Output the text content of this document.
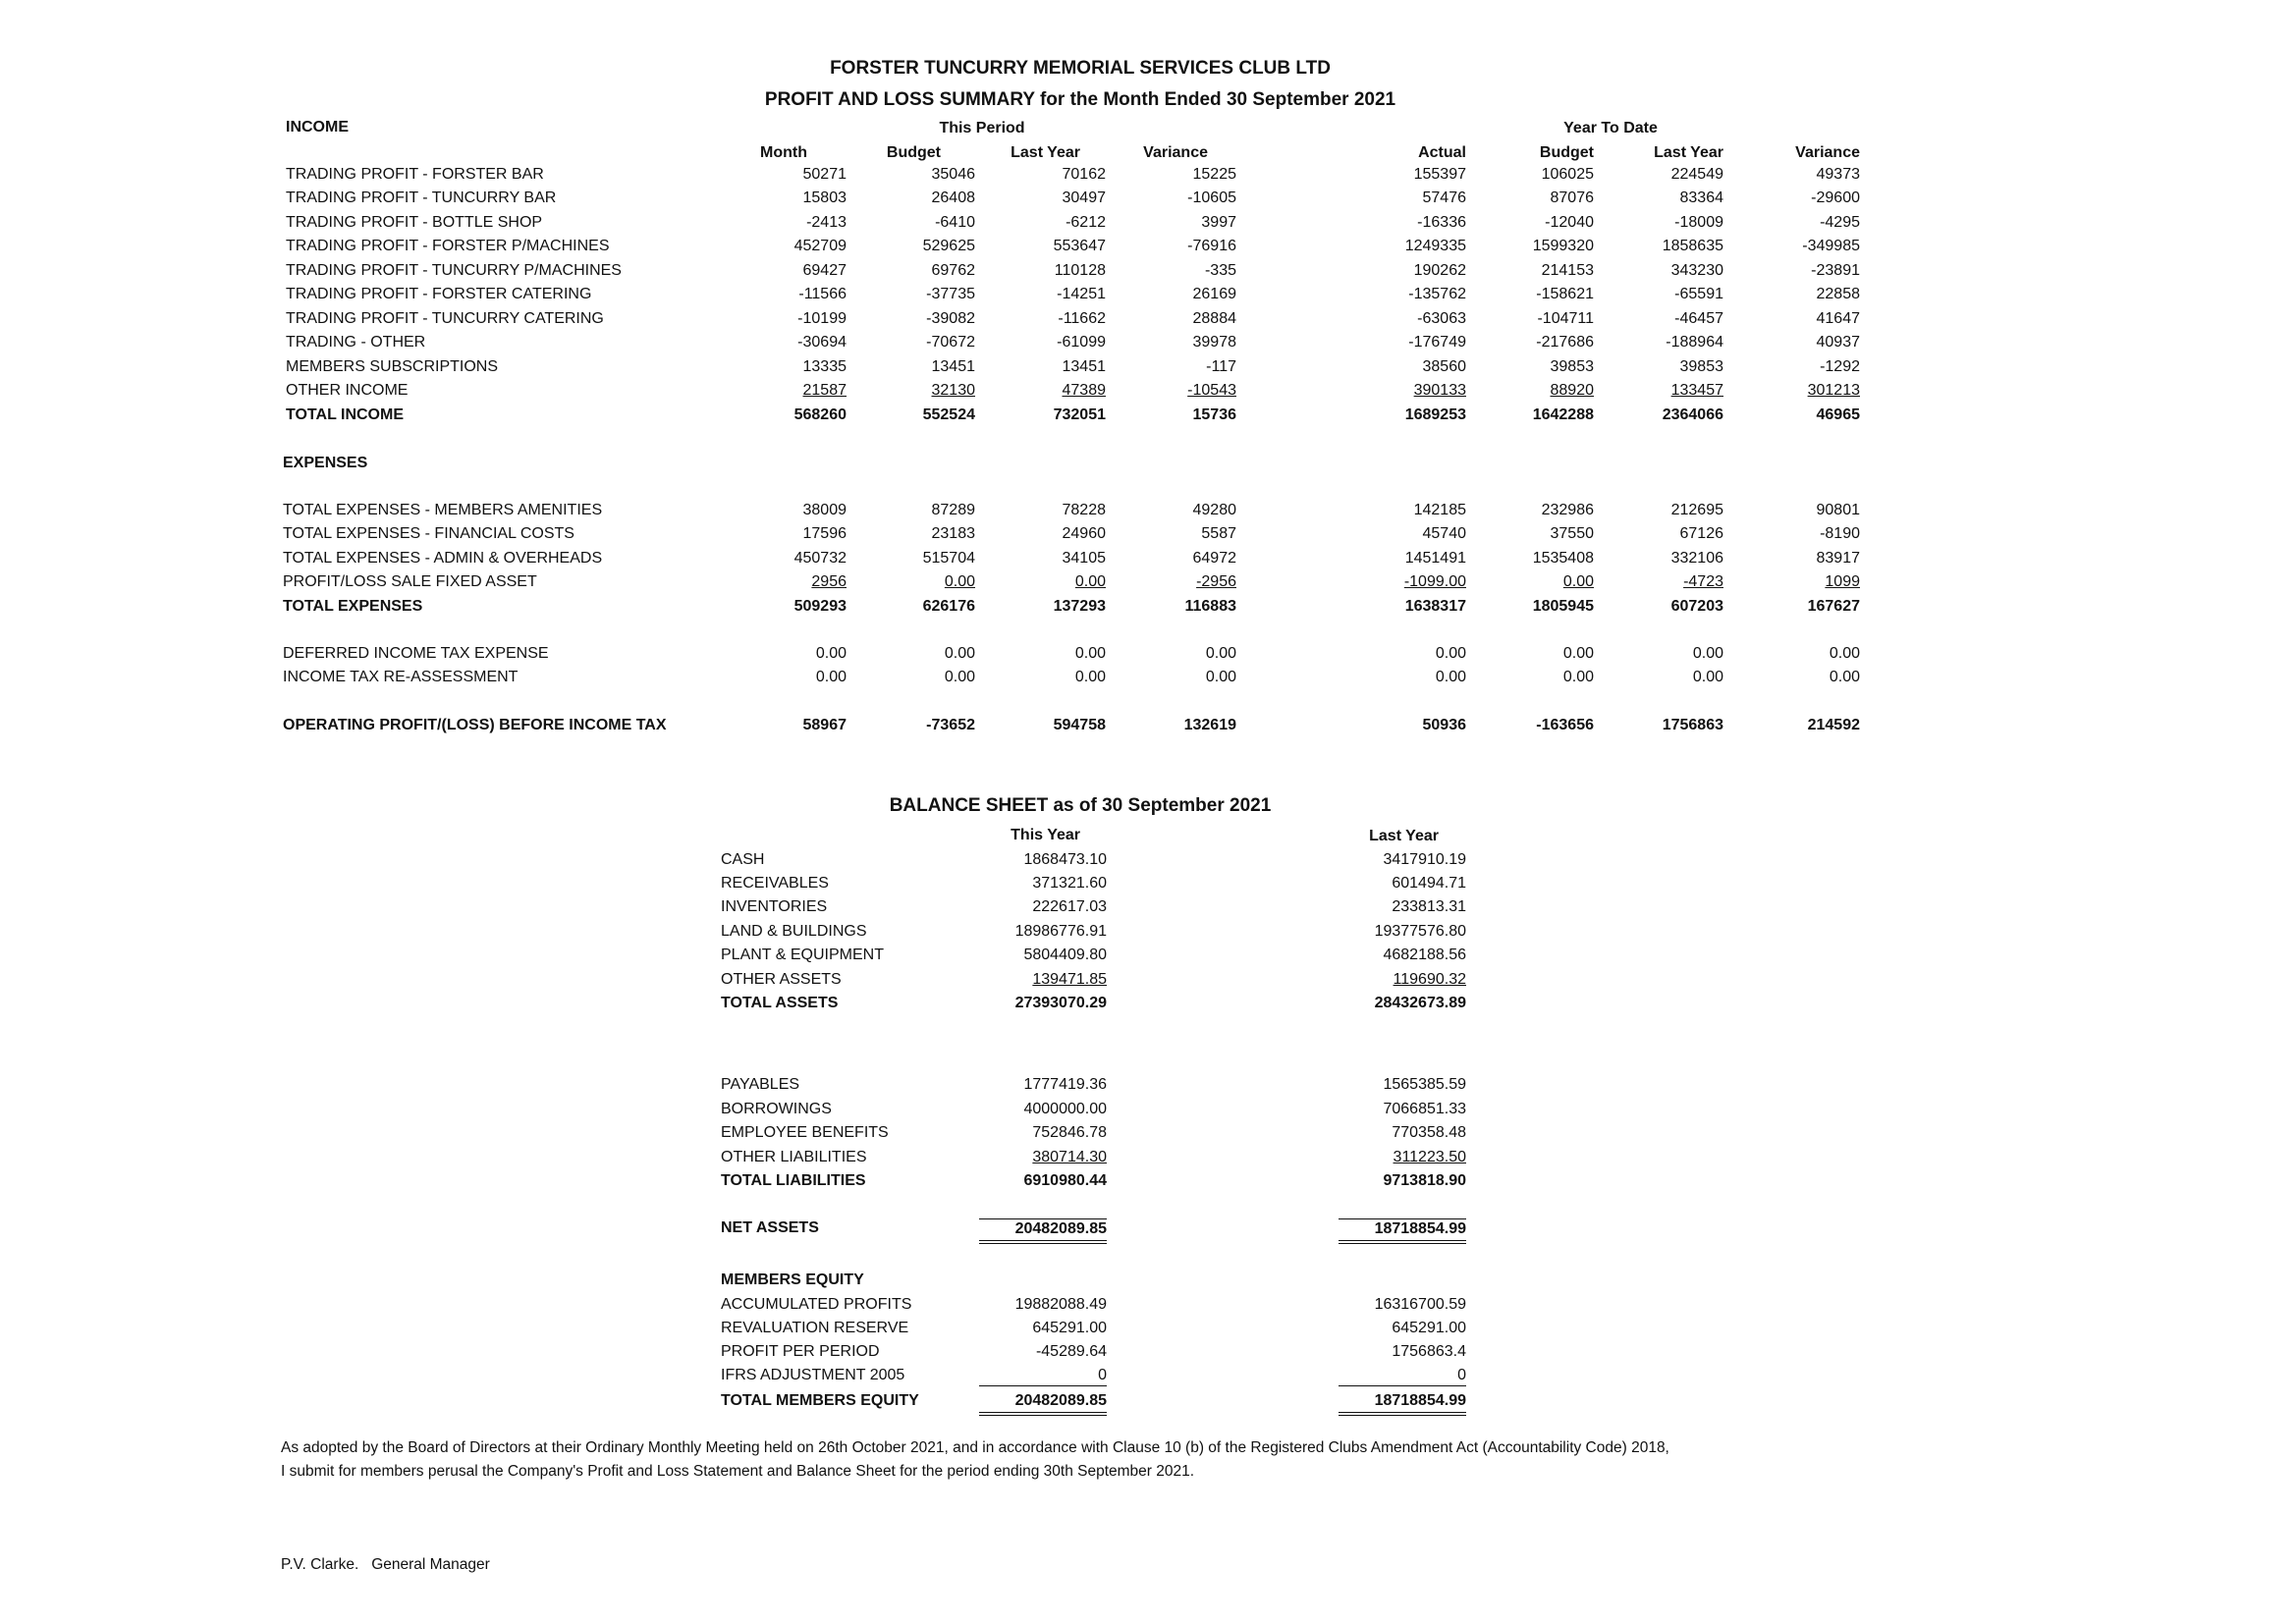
FORSTER TUNCURRY MEMORIAL SERVICES CLUB LTD
PROFIT AND LOSS SUMMARY for the Month Ended 30 September 2021
INCOME	This Period	Year To Date
Month	Budget	Last Year	Variance	Actual	Budget	Last Year	Variance
EXPENSES
TRADING PROFIT - FORSTER BAR	50271	35046	70162	15225	155397	106025	224549	49373
TRADING PROFIT - TUNCURRY BAR	15803	26408	30497	-10605	57476	87076	83364	-29600
TRADING PROFIT - BOTTLE SHOP	-2413	-6410	-6212	3997	-16336	-12040	-18009	-4295
TRADING PROFIT - FORSTER P/MACHINES	452709	529625	553647	-76916	1249335	1599320	1858635	-349985
TRADING PROFIT - TUNCURRY P/MACHINES	69427	69762	110128	-335	190262	214153	343230	-23891
TRADING PROFIT - FORSTER CATERING	-11566	-37735	-14251	26169	-135762	-158621	-65591	22858
TRADING PROFIT - TUNCURRY CATERING	-10199	-39082	-11662	28884	-63063	-104711	-46457	41647
TRADING - OTHER	-30694	-70672	-61099	39978	-176749	-217686	-188964	40937
MEMBERS SUBSCRIPTIONS	13335	13451	13451	-117	38560	39853	39853	-1292
OTHER INCOME	21587	32130	47389	-10543	390133	88920	133457	301213
TOTAL INCOME	568260	552524	732051	15736	1689253	1642288	2364066	46965
TOTAL EXPENSES - MEMBERS AMENITIES	38009	87289	78228	49280	142185	232986	212695	90801
TOTAL EXPENSES - FINANCIAL COSTS	17596	23183	24960	5587	45740	37550	67126	-8190
TOTAL EXPENSES - ADMIN & OVERHEADS	450732	515704	34105	64972	1451491	1535408	332106	83917
PROFIT/LOSS SALE FIXED ASSET	2956	0.00	0.00	-2956	-1099.00	0.00	-4723	1099
TOTAL EXPENSES	509293	626176	137293	116883	1638317	1805945	607203	167627
DEFERRED INCOME TAX EXPENSE	0.00	0.00	0.00	0.00	0.00	0.00	0.00	0.00
INCOME TAX RE-ASSESSMENT	0.00	0.00	0.00	0.00	0.00	0.00	0.00	0.00
OPERATING PROFIT/(LOSS) BEFORE INCOME TAX	58967	-73652	594758	132619	50936	-163656	1756863	214592
BALANCE SHEET as of 30 September 2021
This Year	Last Year
MEMBERS EQUITY
CASH	1868473.10	3417910.19
RECEIVABLES	371321.60	601494.71
INVENTORIES	222617.03	233813.31
LAND & BUILDINGS	18986776.91	19377576.80
PLANT & EQUIPMENT	5804409.80	4682188.56
OTHER ASSETS	139471.85	119690.32
TOTAL ASSETS	27393070.29	28432673.89
PAYABLES	1777419.36	1565385.59
BORROWINGS	4000000.00	7066851.33
EMPLOYEE BENEFITS	752846.78	770358.48
OTHER LIABILITIES	380714.30	311223.50
TOTAL LIABILITIES	6910980.44	9713818.90
NET ASSETS	20482089.85	18718854.99
ACCUMULATED PROFITS	19882088.49	16316700.59
REVALUATION RESERVE	645291.00	645291.00
PROFIT PER PERIOD	-45289.64	1756863.4
IFRS ADJUSTMENT 2005	0	0
TOTAL MEMBERS EQUITY	20482089.85	18718854.99
As adopted by the Board of Directors at their Ordinary Monthly Meeting held on 26th October 2021, and in accordance with Clause 10 (b) of the Registered Clubs Amendment Act (Accountability Code) 2018,
I submit for members perusal the Company's Profit and Loss Statement and Balance Sheet for the period ending 30th September 2021.
P.V. Clarke.   General Manager
